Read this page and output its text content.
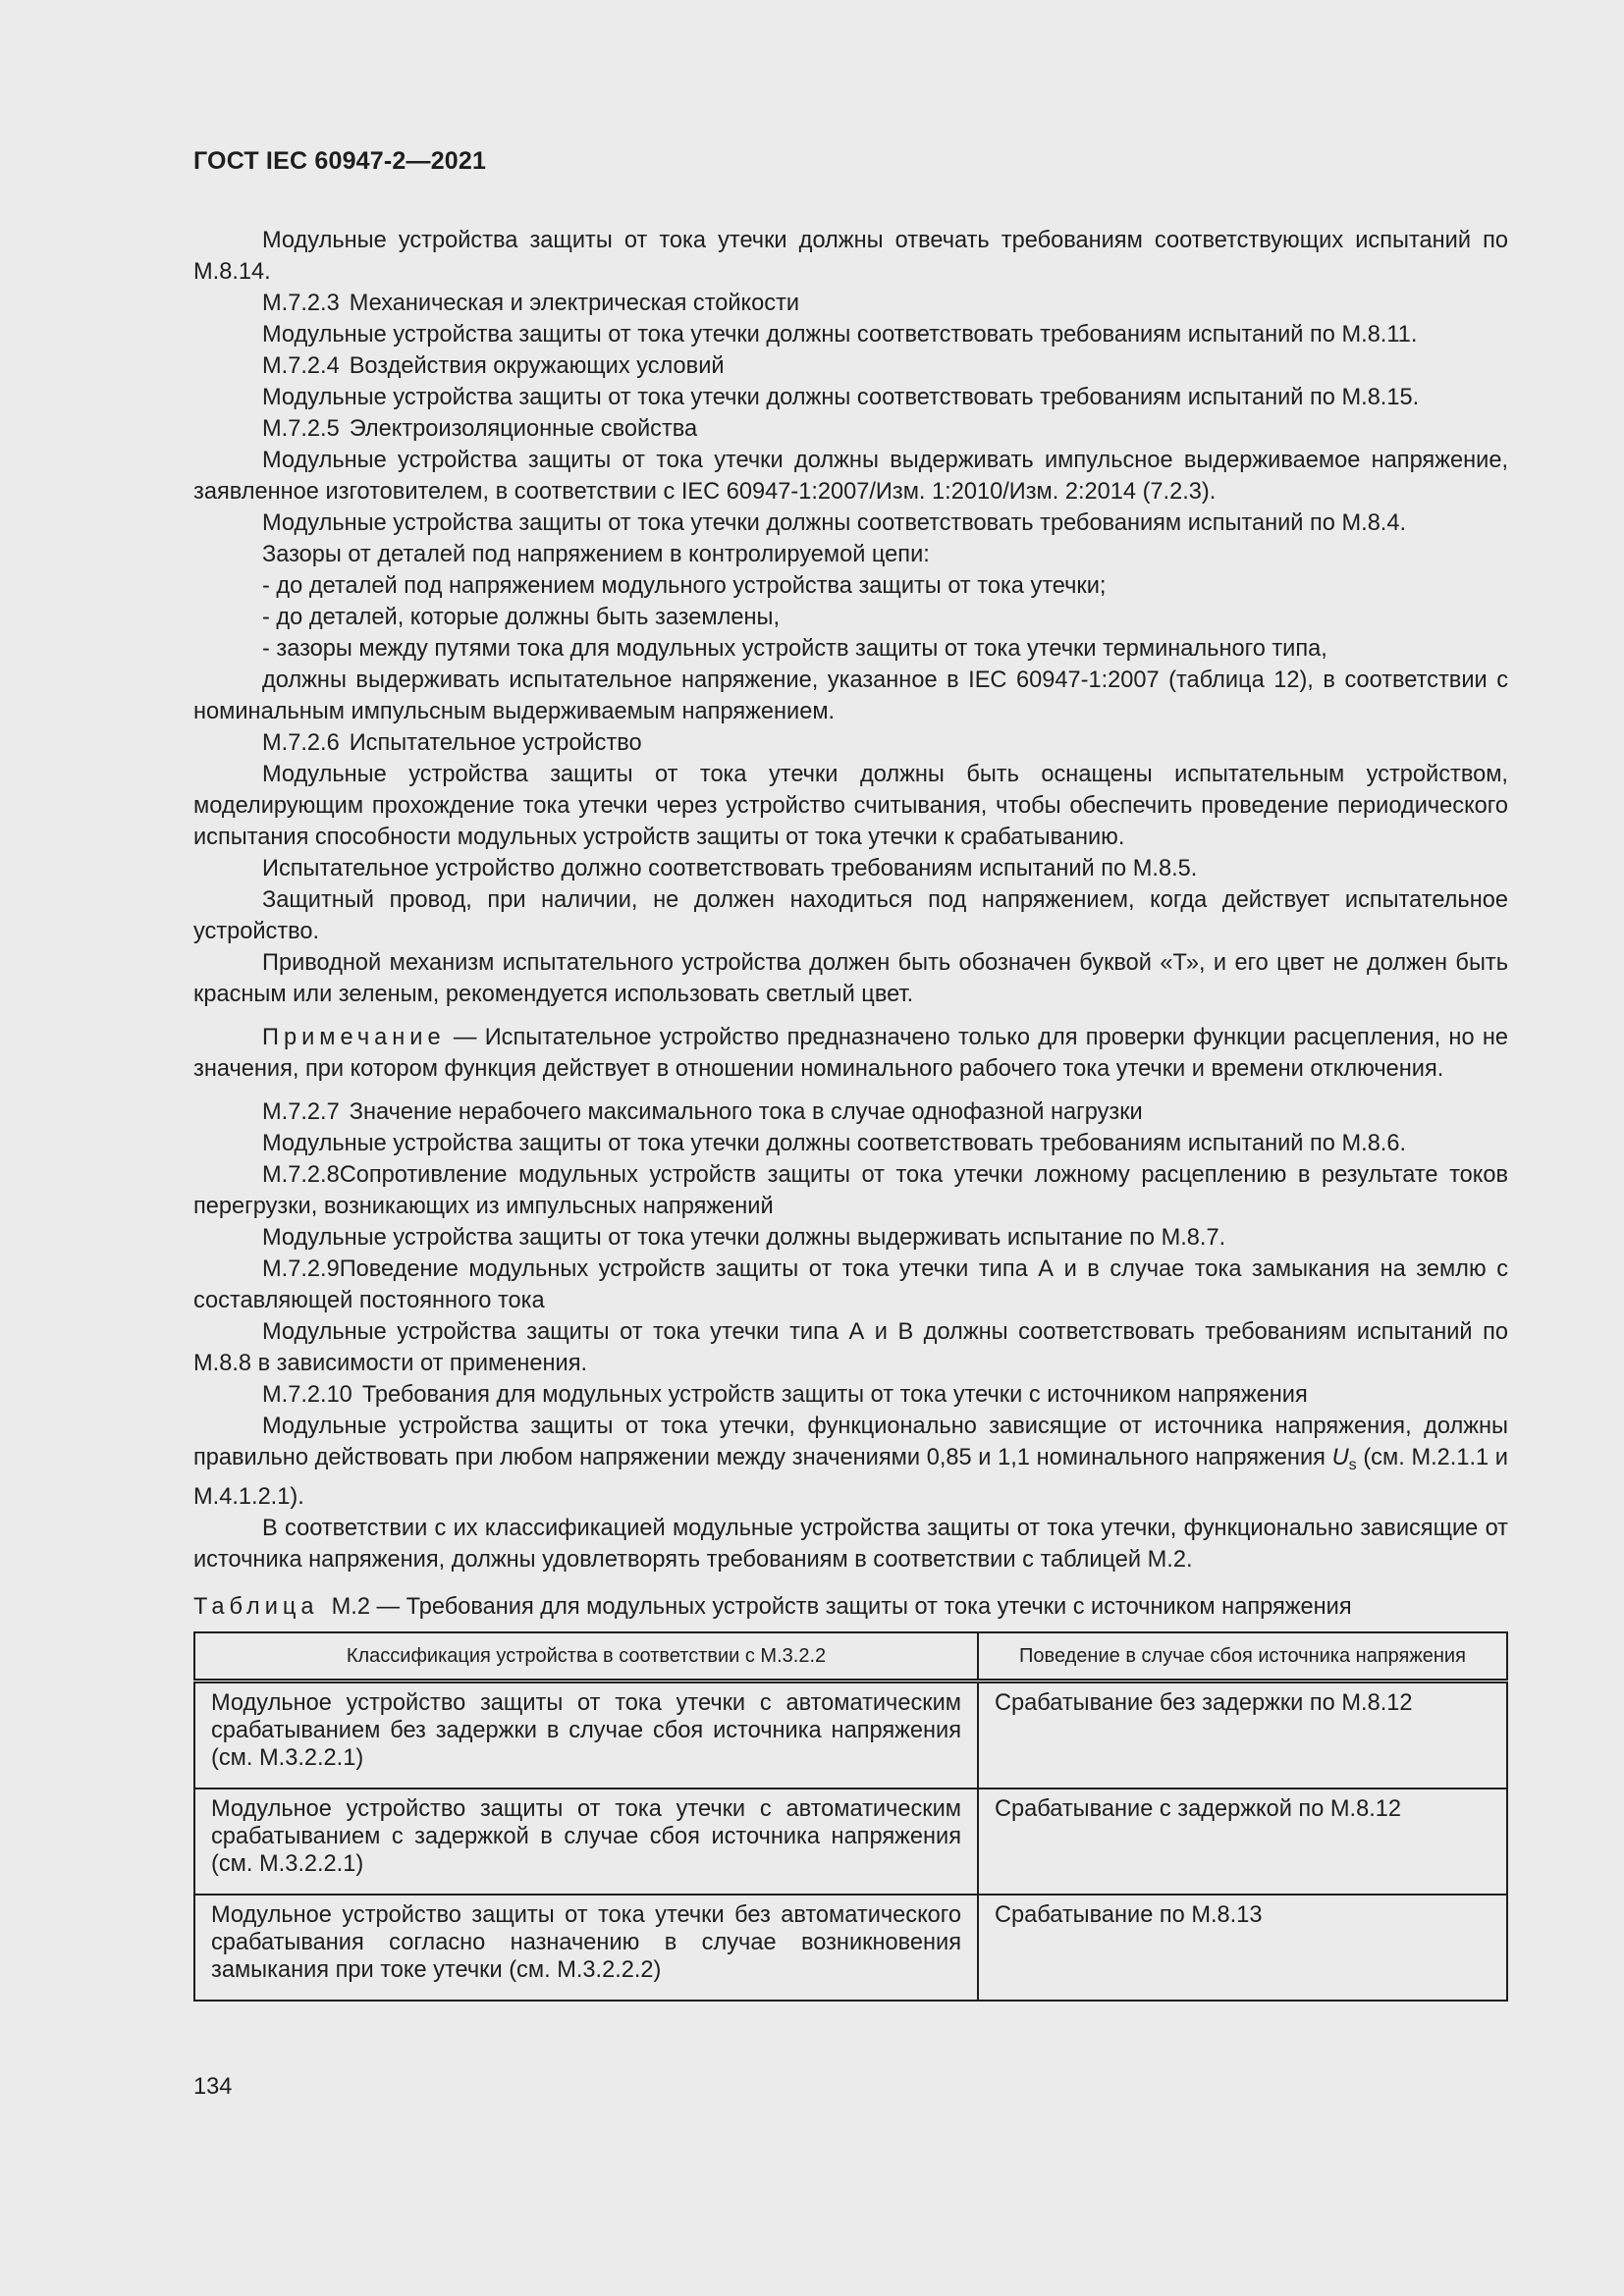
ГОСТ IEC 60947-2—2021

Модульные устройства защиты от тока утечки должны отвечать требованиям соответствующих испытаний по М.8.14.

М.7.2.3 Механическая и электрическая стойкости

Модульные устройства защиты от тока утечки должны соответствовать требованиям испытаний по М.8.11.

М.7.2.4 Воздействия окружающих условий

Модульные устройства защиты от тока утечки должны соответствовать требованиям испытаний по М.8.15.

М.7.2.5 Электроизоляционные свойства

Модульные устройства защиты от тока утечки должны выдерживать импульсное выдерживаемое напряжение, заявленное изготовителем, в соответствии с IEC 60947-1:2007/Изм. 1:2010/Изм. 2:2014 (7.2.3).

Модульные устройства защиты от тока утечки должны соответствовать требованиям испытаний по М.8.4.

Зазоры от деталей под напряжением в контролируемой цепи:

- до деталей под напряжением модульного устройства защиты от тока утечки;

- до деталей, которые должны быть заземлены,

- зазоры между путями тока для модульных устройств защиты от тока утечки терминального типа,

должны выдерживать испытательное напряжение, указанное в IEC 60947-1:2007 (таблица 12), в соответствии с номинальным импульсным выдерживаемым напряжением.

М.7.2.6 Испытательное устройство

Модульные устройства защиты от тока утечки должны быть оснащены испытательным устройством, моделирующим прохождение тока утечки через устройство считывания, чтобы обеспечить проведение периодического испытания способности модульных устройств защиты от тока утечки к срабатыванию.

Испытательное устройство должно соответствовать требованиям испытаний по М.8.5.

Защитный провод, при наличии, не должен находиться под напряжением, когда действует испытательное устройство.

Приводной механизм испытательного устройства должен быть обозначен буквой «Т», и его цвет не должен быть красным или зеленым, рекомендуется использовать светлый цвет.

Примечание — Испытательное устройство предназначено только для проверки функции расцепления, но не значения, при котором функция действует в отношении номинального рабочего тока утечки и времени отключения.

М.7.2.7 Значение нерабочего максимального тока в случае однофазной нагрузки

Модульные устройства защиты от тока утечки должны соответствовать требованиям испытаний по М.8.6.

М.7.2.8Сопротивление модульных устройств защиты от тока утечки ложному расцеплению в результате токов перегрузки, возникающих из импульсных напряжений

Модульные устройства защиты от тока утечки должны выдерживать испытание по М.8.7.

М.7.2.9Поведение модульных устройств защиты от тока утечки типа А и в случае тока замыкания на землю с составляющей постоянного тока

Модульные устройства защиты от тока утечки типа А и В должны соответствовать требованиям испытаний по М.8.8 в зависимости от применения.

М.7.2.10 Требования для модульных устройств защиты от тока утечки с источником напряжения

Модульные устройства защиты от тока утечки, функционально зависящие от источника напряжения, должны правильно действовать при любом напряжении между значениями 0,85 и 1,1 номинального напряжения $U_s$ (см. М.2.1.1 и М.4.1.2.1).

В соответствии с их классификацией модульные устройства защиты от тока утечки, функционально зависящие от источника напряжения, должны удовлетворять требованиям в соответствии с таблицей М.2.

Таблица М.2 — Требования для модульных устройств защиты от тока утечки с источником напряжения

Классификация устройства в соответствии с М.3.2.2	Поведение в случае сбоя источника напряжения
Модульное устройство защиты от тока утечки с автоматическим срабатыванием без задержки в случае сбоя источника напряжения (см. М.3.2.2.1)	Срабатывание без задержки по М.8.12
Модульное устройство защиты от тока утечки с автоматическим срабатыванием с задержкой в случае сбоя источника напряжения (см. М.3.2.2.1)	Срабатывание с задержкой по М.8.12
Модульное устройство защиты от тока утечки без автоматического срабатывания согласно назначению в случае возникновения замыкания при токе утечки (см. М.3.2.2.2)	Срабатывание по М.8.13
134
